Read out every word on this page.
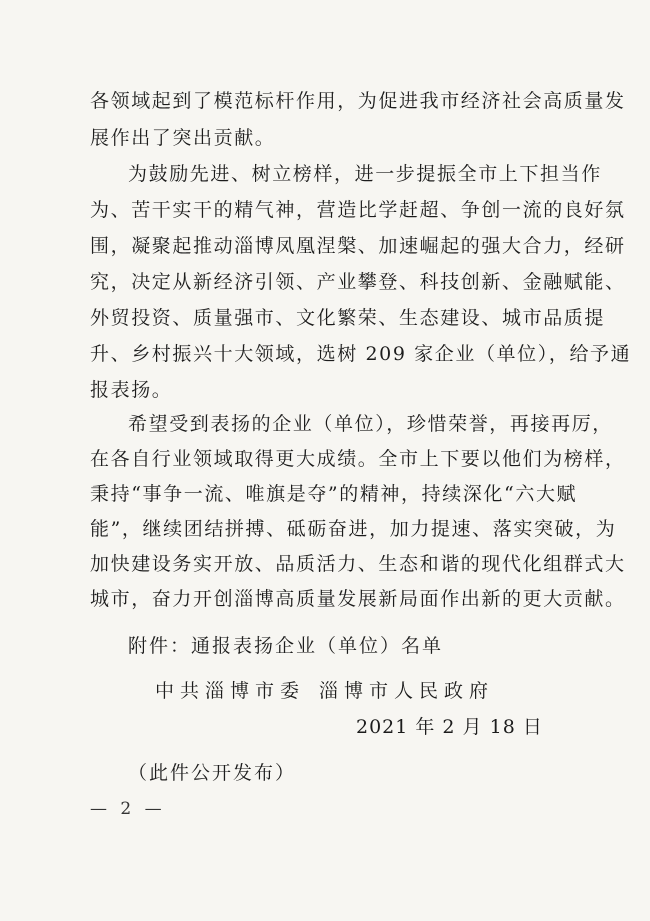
各领域起到了模范标杆作用，为促进我市经济社会高质量发
展作出了突出贡献。
为鼓励先进、树立榜样，进一步提振全市上下担当作
为、苦干实干的精气神，营造比学赶超、争创一流的良好氛
围，凝聚起推动淄博凤凰涅槃、加速崛起的强大合力，经研
究，决定从新经济引领、产业攀登、科技创新、金融赋能、
外贸投资、质量强市、文化繁荣、生态建设、城市品质提
升、乡村振兴十大领域，选树 209 家企业（单位），给予通
报表扬。
希望受到表扬的企业（单位），珍惜荣誉，再接再厉，
在各自行业领域取得更大成绩。全市上下要以他们为榜样，
秉持“事争一流、唯旗是夺”的精神，持续深化“六大赋
能”，继续团结拼搏、砥砺奋进，加力提速、落实突破，为
加快建设务实开放、品质活力、生态和谐的现代化组群式大
城市，奋力开创淄博高质量发展新局面作出新的更大贡献。
附件：通报表扬企业（单位）名单
中共淄博市委 淄博市人民政府
2021 年 2 月 18 日
（此件公开发布）
— 2 —
